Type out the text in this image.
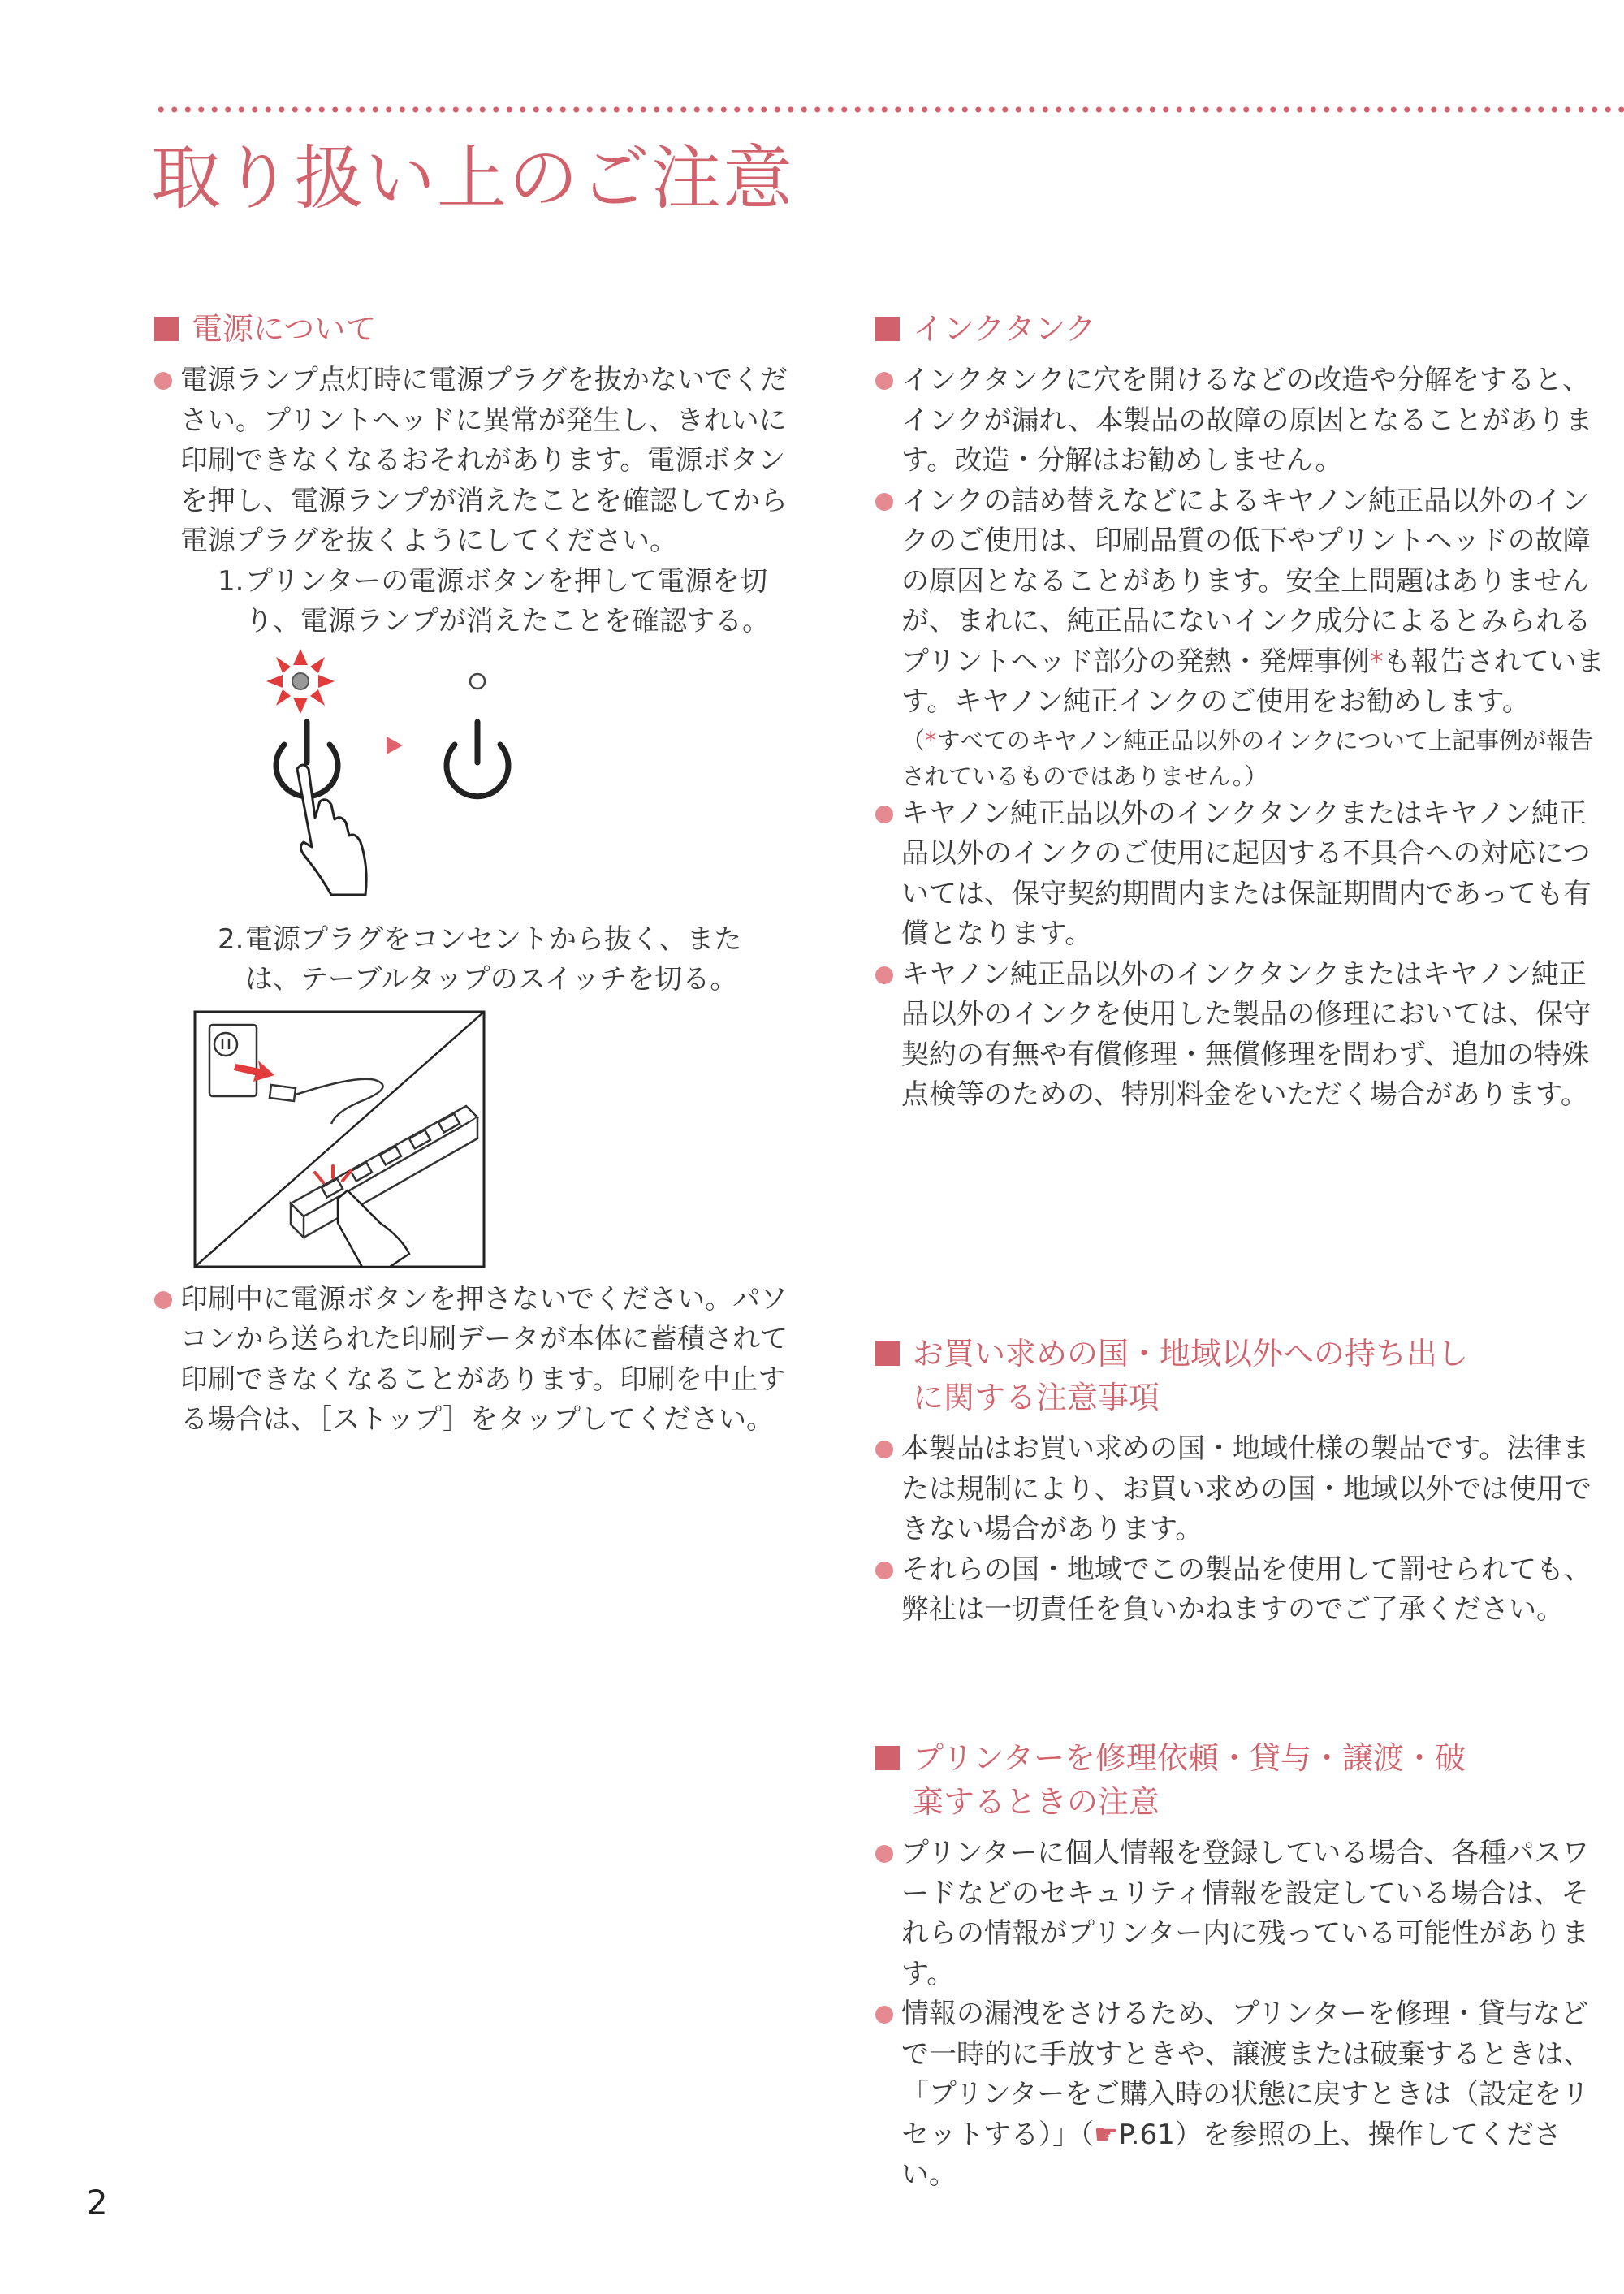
取り扱い上のご注意
電源について
電源ランプ点灯時に電源プラグを抜かないでください。プリントヘッドに異常が発生し、きれいに印刷できなくなるおそれがあります。電源ボタンを押し、電源ランプが消えたことを確認してから電源プラグを抜くようにしてください。
1. プリンターの電源ボタンを押して電源を切り、電源ランプが消えたことを確認する。
2. 電源プラグをコンセントから抜く、または、テーブルタップのスイッチを切る。
印刷中に電源ボタンを押さないでください。パソコンから送られた印刷データが本体に蓄積されて印刷できなくなることがあります。印刷を中止する場合は、［ストップ］をタップしてください。
インクタンク
インクタンクに穴を開けるなどの改造や分解をすると、インクが漏れ、本製品の故障の原因となることがあります。改造・分解はお勧めしません。
インクの詰め替えなどによるキヤノン純正品以外のインクのご使用は、印刷品質の低下やプリントヘッドの故障の原因となることがあります。安全上問題はありませんが、まれに、純正品にないインク成分によるとみられるプリントヘッド部分の発熱・発煙事例*も報告されています。キヤノン純正インクのご使用をお勧めします。
（*すべてのキヤノン純正品以外のインクについて上記事例が報告されているものではありません。）
キヤノン純正品以外のインクタンクまたはキヤノン純正品以外のインクのご使用に起因する不具合への対応については、保守契約期間内または保証期間内であっても有償となります。
キヤノン純正品以外のインクタンクまたはキヤノン純正品以外のインクを使用した製品の修理においては、保守契約の有無や有償修理・無償修理を問わず、追加の特殊点検等のための、特別料金をいただく場合があります。
お買い求めの国・地域以外への持ち出し
に関する注意事項
本製品はお買い求めの国・地域仕様の製品です。法律または規制により、お買い求めの国・地域以外では使用できない場合があります。
それらの国・地域でこの製品を使用して罰せられても、弊社は一切責任を負いかねますのでご了承ください。
プリンターを修理依頼・貸与・譲渡・破
棄するときの注意
プリンターに個人情報を登録している場合、各種パスワードなどのセキュリティ情報を設定している場合は、それらの情報がプリンター内に残っている可能性があります。
情報の漏洩をさけるため、プリンターを修理・貸与などで一時的に手放すときや、譲渡または破棄するときは、「プリンターをご購入時の状態に戻すときは（設定をリセットする）」（☛P.61）を参照の上、操作してください。
2
